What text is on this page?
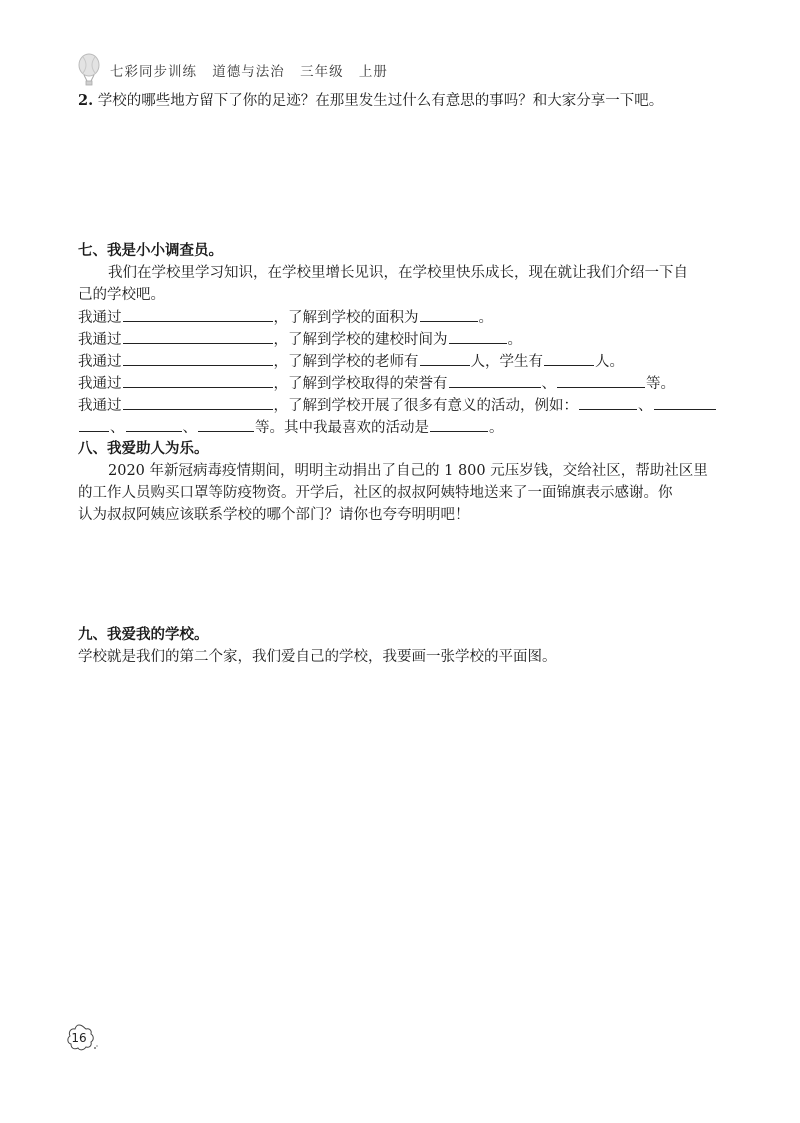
七彩同步训练 道德与法治 三年级 上册
2. 学校的哪些地方留下了你的足迹？在那里发生过什么有意思的事吗？和大家分享一下吧。
七、我是小小调查员。
我们在学校里学习知识，在学校里增长见识，在学校里快乐成长，现在就让我们介绍一下自
己的学校吧。
我通过	，了解到学校的面积为	。
我通过	，了解到学校的建校时间为	。
我通过	，了解到学校的老师有	人，学生有	人。
我通过	，了解到学校取得的荣誉有	、	等。
我通过	，了解到学校开展了很多有意义的活动，例如：	、
、	、	等。其中我最喜欢的活动是	。
八、我爱助人为乐。
2020 年新冠病毒疫情期间，明明主动捐出了自己的 1 800 元压岁钱，交给社区，帮助社区里
的工作人员购买口罩等防疫物资。开学后，社区的叔叔阿姨特地送来了一面锦旗表示感谢。你
认为叔叔阿姨应该联系学校的哪个部门？请你也夸夸明明吧！
九、我爱我的学校。
学校就是我们的第二个家，我们爱自己的学校，我要画一张学校的平面图。
16
